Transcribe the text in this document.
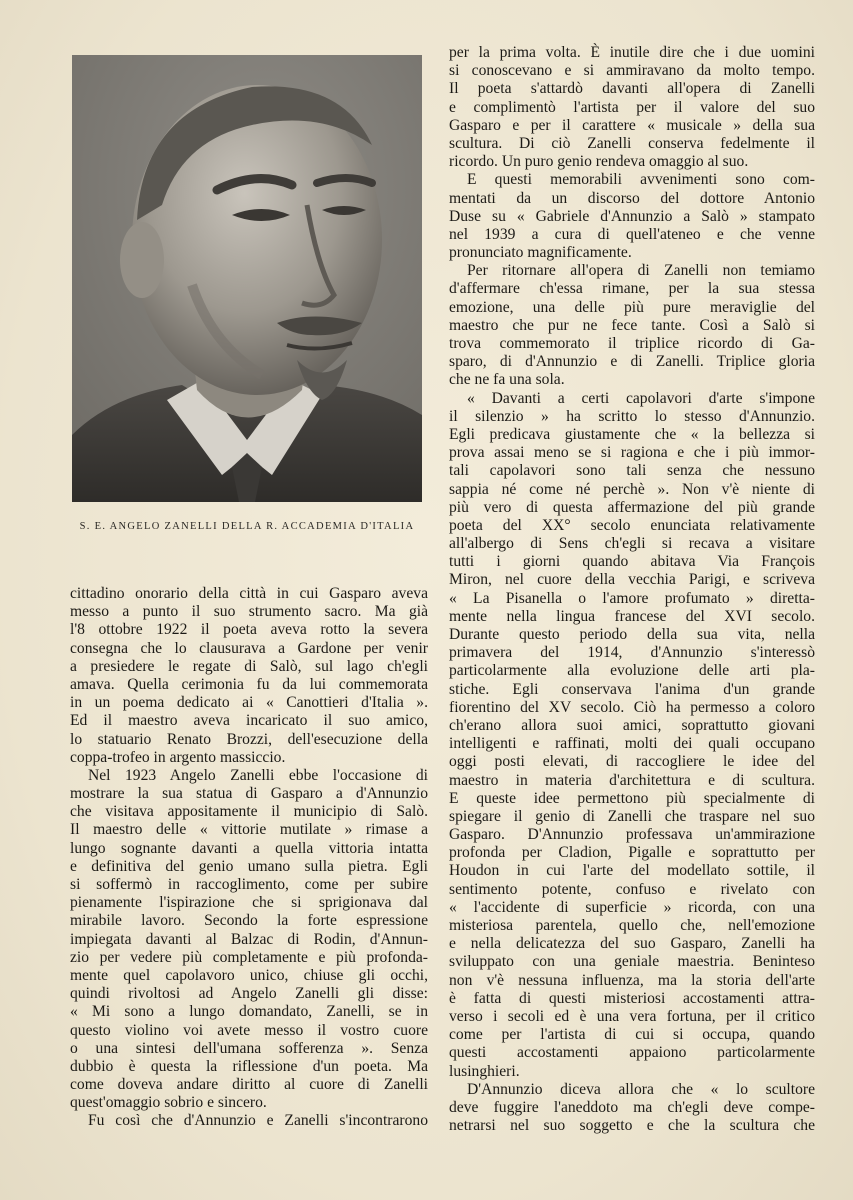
S. E. ANGELO ZANELLI DELLA R. ACCADEMIA D'ITALIA
cittadino onorario della città in cui Gasparo aveva
messo a punto il suo strumento sacro. Ma già
l'8 ottobre 1922 il poeta aveva rotto la severa
consegna che lo clausurava a Gardone per venir
a presiedere le regate di Salò, sul lago ch'egli
amava. Quella cerimonia fu da lui commemorata
in un poema dedicato ai « Canottieri d'Italia ».
Ed il maestro aveva incaricato il suo amico,
lo statuario Renato Brozzi, dell'esecuzione della
coppa-trofeo in argento massiccio.
Nel 1923 Angelo Zanelli ebbe l'occasione di
mostrare la sua statua di Gasparo a d'Annunzio
che visitava appositamente il municipio di Salò.
Il maestro delle « vittorie mutilate » rimase a
lungo sognante davanti a quella vittoria intatta
e definitiva del genio umano sulla pietra. Egli
si soffermò in raccoglimento, come per subire
pienamente l'ispirazione che si sprigionava dal
mirabile lavoro. Secondo la forte espressione
impiegata davanti al Balzac di Rodin, d'Annun-
zio per vedere più completamente e più profonda-
mente quel capolavoro unico, chiuse gli occhi,
quindi rivoltosi ad Angelo Zanelli gli disse:
« Mi sono a lungo domandato, Zanelli, se in
questo violino voi avete messo il vostro cuore
o una sintesi dell'umana sofferenza ». Senza
dubbio è questa la riflessione d'un poeta. Ma
come doveva andare diritto al cuore di Zanelli
quest'omaggio sobrio e sincero.
Fu così che d'Annunzio e Zanelli s'incontrarono
per la prima volta. È inutile dire che i due uomini
si conoscevano e si ammiravano da molto tempo.
Il poeta s'attardò davanti all'opera di Zanelli
e complimentò l'artista per il valore del suo
Gasparo e per il carattere « musicale » della sua
scultura. Di ciò Zanelli conserva fedelmente il
ricordo. Un puro genio rendeva omaggio al suo.
E questi memorabili avvenimenti sono com-
mentati da un discorso del dottore Antonio
Duse su « Gabriele d'Annunzio a Salò » stampato
nel 1939 a cura di quell'ateneo e che venne
pronunciato magnificamente.
Per ritornare all'opera di Zanelli non temiamo
d'affermare ch'essa rimane, per la sua stessa
emozione, una delle più pure meraviglie del
maestro che pur ne fece tante. Così a Salò si
trova commemorato il triplice ricordo di Ga-
sparo, di d'Annunzio e di Zanelli. Triplice gloria
che ne fa una sola.
« Davanti a certi capolavori d'arte s'impone
il silenzio » ha scritto lo stesso d'Annunzio.
Egli predicava giustamente che « la bellezza si
prova assai meno se si ragiona e che i più immor-
tali capolavori sono tali senza che nessuno
sappia né come né perchè ». Non v'è niente di
più vero di questa affermazione del più grande
poeta del XX° secolo enunciata relativamente
all'albergo di Sens ch'egli si recava a visitare
tutti i giorni quando abitava Via François
Miron, nel cuore della vecchia Parigi, e scriveva
« La Pisanella o l'amore profumato » diretta-
mente nella lingua francese del XVI secolo.
Durante questo periodo della sua vita, nella
primavera del 1914, d'Annunzio s'interessò
particolarmente alla evoluzione delle arti pla-
stiche. Egli conservava l'anima d'un grande
fiorentino del XV secolo. Ciò ha permesso a coloro
ch'erano allora suoi amici, soprattutto giovani
intelligenti e raffinati, molti dei quali occupano
oggi posti elevati, di raccogliere le idee del
maestro in materia d'architettura e di scultura.
E queste idee permettono più specialmente di
spiegare il genio di Zanelli che traspare nel suo
Gasparo. D'Annunzio professava un'ammirazione
profonda per Cladion, Pigalle e soprattutto per
Houdon in cui l'arte del modellato sottile, il
sentimento potente, confuso e rivelato con
« l'accidente di superficie » ricorda, con una
misteriosa parentela, quello che, nell'emozione
e nella delicatezza del suo Gasparo, Zanelli ha
sviluppato con una geniale maestria. Beninteso
non v'è nessuna influenza, ma la storia dell'arte
è fatta di questi misteriosi accostamenti attra-
verso i secoli ed è una vera fortuna, per il critico
come per l'artista di cui si occupa, quando
questi accostamenti appaiono particolarmente
lusinghieri.
D'Annunzio diceva allora che « lo scultore
deve fuggire l'aneddoto ma ch'egli deve compe-
netrarsi nel suo soggetto e che la scultura che
